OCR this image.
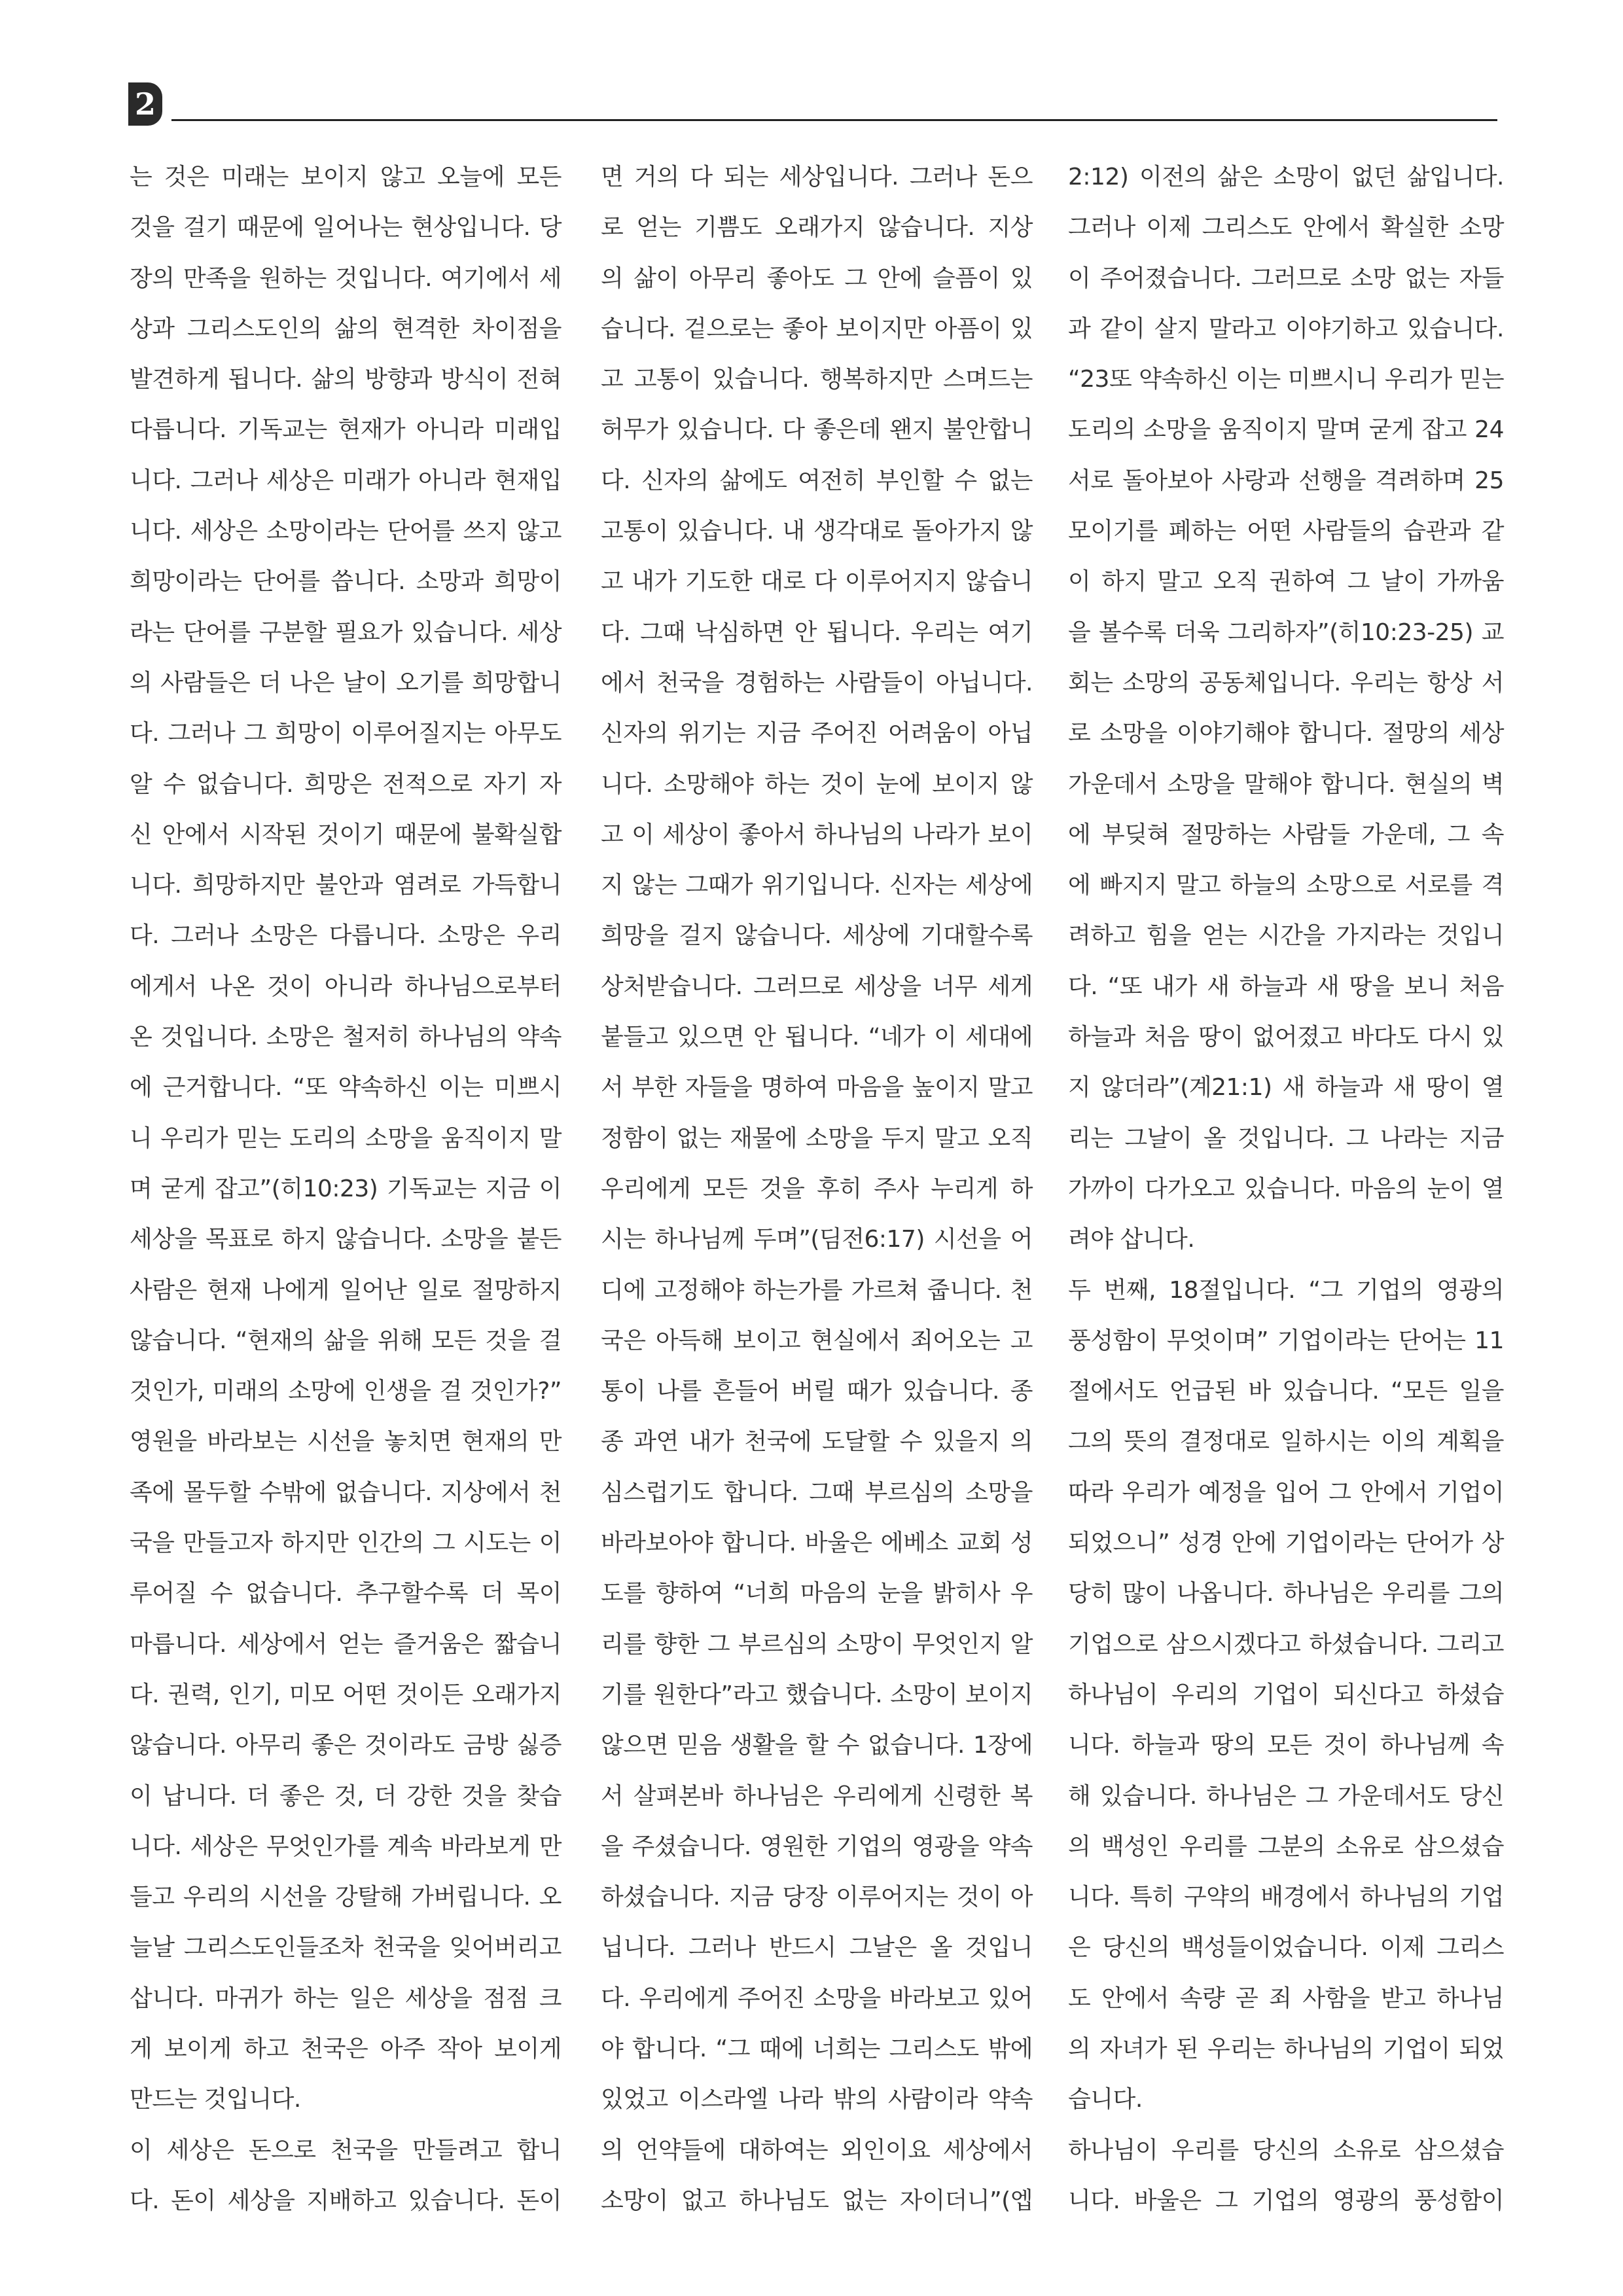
2
는 것은 미래는 보이지 않고 오늘에 모든
것을 걸기 때문에 일어나는 현상입니다. 당
장의 만족을 원하는 것입니다. 여기에서 세
상과 그리스도인의 삶의 현격한 차이점을
발견하게 됩니다. 삶의 방향과 방식이 전혀
다릅니다. 기독교는 현재가 아니라 미래입
니다. 그러나 세상은 미래가 아니라 현재입
니다. 세상은 소망이라는 단어를 쓰지 않고
희망이라는 단어를 씁니다. 소망과 희망이
라는 단어를 구분할 필요가 있습니다. 세상
의 사람들은 더 나은 날이 오기를 희망합니
다. 그러나 그 희망이 이루어질지는 아무도
알 수 없습니다. 희망은 전적으로 자기 자
신 안에서 시작된 것이기 때문에 불확실합
니다. 희망하지만 불안과 염려로 가득합니
다. 그러나 소망은 다릅니다. 소망은 우리
에게서 나온 것이 아니라 하나님으로부터
온 것입니다. 소망은 철저히 하나님의 약속
에 근거합니다. “또 약속하신 이는 미쁘시
니 우리가 믿는 도리의 소망을 움직이지 말
며 굳게 잡고”(히10:23) 기독교는 지금 이
세상을 목표로 하지 않습니다. 소망을 붙든
사람은 현재 나에게 일어난 일로 절망하지
않습니다. “현재의 삶을 위해 모든 것을 걸
것인가, 미래의 소망에 인생을 걸 것인가?”
영원을 바라보는 시선을 놓치면 현재의 만
족에 몰두할 수밖에 없습니다. 지상에서 천
국을 만들고자 하지만 인간의 그 시도는 이
루어질 수 없습니다. 추구할수록 더 목이
마릅니다. 세상에서 얻는 즐거움은 짧습니
다. 권력, 인기, 미모 어떤 것이든 오래가지
않습니다. 아무리 좋은 것이라도 금방 싫증
이 납니다. 더 좋은 것, 더 강한 것을 찾습
니다. 세상은 무엇인가를 계속 바라보게 만
들고 우리의 시선을 강탈해 가버립니다. 오
늘날 그리스도인들조차 천국을 잊어버리고
삽니다. 마귀가 하는 일은 세상을 점점 크
게 보이게 하고 천국은 아주 작아 보이게
만드는 것입니다.
이 세상은 돈으로 천국을 만들려고 합니
다. 돈이 세상을 지배하고 있습니다. 돈이
면 거의 다 되는 세상입니다. 그러나 돈으
로 얻는 기쁨도 오래가지 않습니다. 지상
의 삶이 아무리 좋아도 그 안에 슬픔이 있
습니다. 겉으로는 좋아 보이지만 아픔이 있
고 고통이 있습니다. 행복하지만 스며드는
허무가 있습니다. 다 좋은데 왠지 불안합니
다. 신자의 삶에도 여전히 부인할 수 없는
고통이 있습니다. 내 생각대로 돌아가지 않
고 내가 기도한 대로 다 이루어지지 않습니
다. 그때 낙심하면 안 됩니다. 우리는 여기
에서 천국을 경험하는 사람들이 아닙니다.
신자의 위기는 지금 주어진 어려움이 아닙
니다. 소망해야 하는 것이 눈에 보이지 않
고 이 세상이 좋아서 하나님의 나라가 보이
지 않는 그때가 위기입니다. 신자는 세상에
희망을 걸지 않습니다. 세상에 기대할수록
상처받습니다. 그러므로 세상을 너무 세게
붙들고 있으면 안 됩니다. “네가 이 세대에
서 부한 자들을 명하여 마음을 높이지 말고
정함이 없는 재물에 소망을 두지 말고 오직
우리에게 모든 것을 후히 주사 누리게 하
시는 하나님께 두며”(딤전6:17) 시선을 어
디에 고정해야 하는가를 가르쳐 줍니다. 천
국은 아득해 보이고 현실에서 죄어오는 고
통이 나를 흔들어 버릴 때가 있습니다. 종
종 과연 내가 천국에 도달할 수 있을지 의
심스럽기도 합니다. 그때 부르심의 소망을
바라보아야 합니다. 바울은 에베소 교회 성
도를 향하여 “너희 마음의 눈을 밝히사 우
리를 향한 그 부르심의 소망이 무엇인지 알
기를 원한다”라고 했습니다. 소망이 보이지
않으면 믿음 생활을 할 수 없습니다. 1장에
서 살펴본바 하나님은 우리에게 신령한 복
을 주셨습니다. 영원한 기업의 영광을 약속
하셨습니다. 지금 당장 이루어지는 것이 아
닙니다. 그러나 반드시 그날은 올 것입니
다. 우리에게 주어진 소망을 바라보고 있어
야 합니다. “그 때에 너희는 그리스도 밖에
있었고 이스라엘 나라 밖의 사람이라 약속
의 언약들에 대하여는 외인이요 세상에서
소망이 없고 하나님도 없는 자이더니”(엡
2:12) 이전의 삶은 소망이 없던 삶입니다.
그러나 이제 그리스도 안에서 확실한 소망
이 주어졌습니다. 그러므로 소망 없는 자들
과 같이 살지 말라고 이야기하고 있습니다.
“23또 약속하신 이는 미쁘시니 우리가 믿는
도리의 소망을 움직이지 말며 굳게 잡고 24
서로 돌아보아 사랑과 선행을 격려하며 25
모이기를 폐하는 어떤 사람들의 습관과 같
이 하지 말고 오직 권하여 그 날이 가까움
을 볼수록 더욱 그리하자”(히10:23-25) 교
회는 소망의 공동체입니다. 우리는 항상 서
로 소망을 이야기해야 합니다. 절망의 세상
가운데서 소망을 말해야 합니다. 현실의 벽
에 부딪혀 절망하는 사람들 가운데, 그 속
에 빠지지 말고 하늘의 소망으로 서로를 격
려하고 힘을 얻는 시간을 가지라는 것입니
다. “또 내가 새 하늘과 새 땅을 보니 처음
하늘과 처음 땅이 없어졌고 바다도 다시 있
지 않더라”(계21:1) 새 하늘과 새 땅이 열
리는 그날이 올 것입니다. 그 나라는 지금
가까이 다가오고 있습니다. 마음의 눈이 열
려야 삽니다.
두 번째, 18절입니다. “그 기업의 영광의
풍성함이 무엇이며” 기업이라는 단어는 11
절에서도 언급된 바 있습니다. “모든 일을
그의 뜻의 결정대로 일하시는 이의 계획을
따라 우리가 예정을 입어 그 안에서 기업이
되었으니” 성경 안에 기업이라는 단어가 상
당히 많이 나옵니다. 하나님은 우리를 그의
기업으로 삼으시겠다고 하셨습니다. 그리고
하나님이 우리의 기업이 되신다고 하셨습
니다. 하늘과 땅의 모든 것이 하나님께 속
해 있습니다. 하나님은 그 가운데서도 당신
의 백성인 우리를 그분의 소유로 삼으셨습
니다. 특히 구약의 배경에서 하나님의 기업
은 당신의 백성들이었습니다. 이제 그리스
도 안에서 속량 곧 죄 사함을 받고 하나님
의 자녀가 된 우리는 하나님의 기업이 되었
습니다.
하나님이 우리를 당신의 소유로 삼으셨습
니다. 바울은 그 기업의 영광의 풍성함이
